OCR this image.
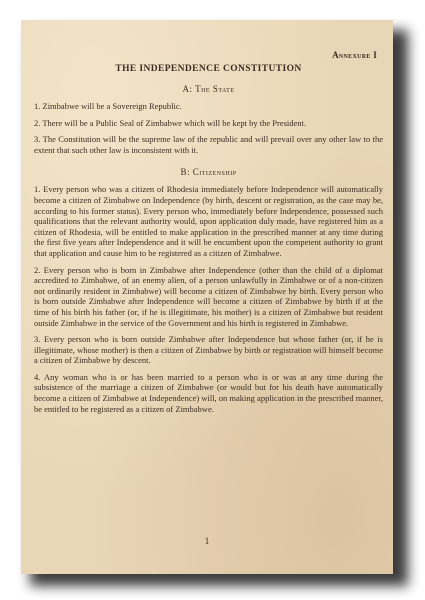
Annexure I
THE INDEPENDENCE CONSTITUTION
A: The State

1. Zimbabwe will be a Sovereign Republic.

2. There will be a Public Seal of Zimbabwe which will be kept by the President.

3. The Constitution will be the supreme law of the republic and will prevail over any other law to the extent that such other law is inconsistent with it.

B: Citizenship

1. Every person who was a citizen of Rhodesia immediately before Independence will automatically become a citizen of Zimbabwe on Independence (by birth, descent or registration, as the case may be, according to his former status). Every person who, immediately before Independence, possessed such qualifications that the relevant authority would, upon application duly made, have registered him as a citizen of Rhodesia, will be entitled to make application in the prescribed manner at any time during the first five years after Independence and it will be encumbent upon the competent authority to grant that application and cause him to be registered as a citizen of Zimbabwe.

2. Every person who is born in Zimbabwe after Independence (other than the child of a diplomat accredited to Zimbabwe, of an enemy alien, of a person unlawfully in Zimbabwe or of a non-citizen not ordinarily resident in Zimbabwe) will become a citizen of Zimbabwe by birth. Every person who is born outside Zimbabwe after Independence will become a citizen of Zimbabwe by birth if at the time of his birth his father (or, if he is illegitimate, his mother) is a citizen of Zimbabwe but resident outside Zimbabwe in the service of the Government and his birth is registered in Zimbabwe.

3. Every person who is born outside Zimbabwe after Independence but whose father (or, if he is illegitimate, whose mother) is then a citizen of Zimbabwe by birth or registration will himself become a citizen of Zimbabwe by descent.

4. Any woman who is or has been married to a person who is or was at any time during the subsistence of the marriage a citizen of Zimbabwe (or would but for his death have automatically become a citizen of Zimbabwe at Independence) will, on making application in the prescribed manner, be entitled to be registered as a citizen of Zimbabwe.

1
